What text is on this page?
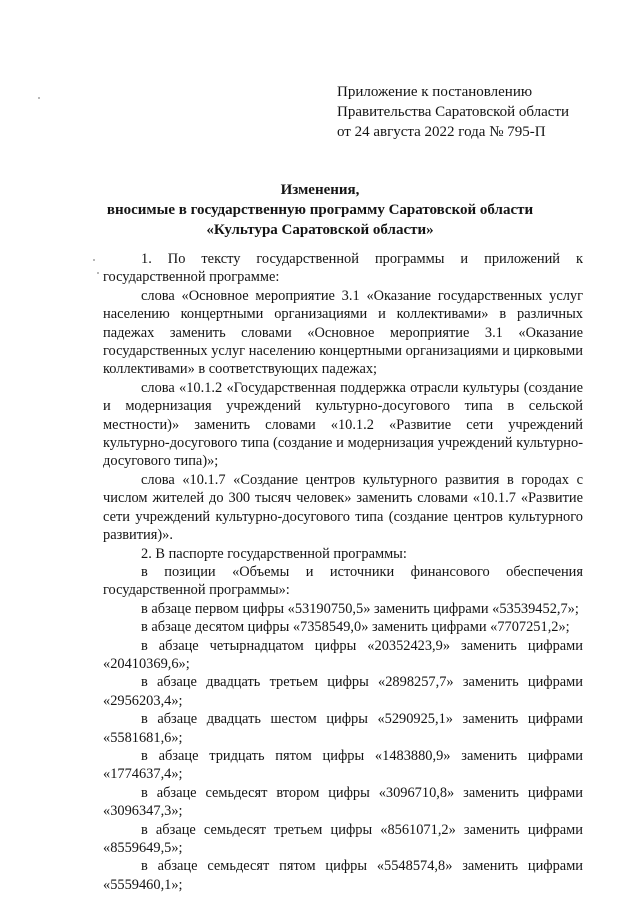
Приложение к постановлению
Правительства Саратовской области
от 24 августа 2022 года № 795-П
Изменения,
вносимые в государственную программу Саратовской области
«Культура Саратовской области»

1. По тексту государственной программы и приложений к государственной программе:

слова «Основное мероприятие 3.1 «Оказание государственных услуг населению концертными организациями и коллективами» в различных падежах заменить словами «Основное мероприятие 3.1 «Оказание государственных услуг населению концертными организациями и цирковыми коллективами» в соответствующих падежах;

слова «10.1.2 «Государственная поддержка отрасли культуры (создание и модернизация учреждений культурно-досугового типа в сельской местности)» заменить словами «10.1.2 «Развитие сети учреждений культурно-досугового типа (создание и модернизация учреждений культурно-досугового типа)»;

слова «10.1.7 «Создание центров культурного развития в городах с числом жителей до 300 тысяч человек» заменить словами «10.1.7 «Развитие сети учреждений культурно-досугового типа (создание центров культурного развития)».

2. В паспорте государственной программы:

в позиции «Объемы и источники финансового обеспечения государственной программы»:

в абзаце первом цифры «53190750,5» заменить цифрами «53539452,7»;

в абзаце десятом цифры «7358549,0» заменить цифрами «7707251,2»;

в абзаце четырнадцатом цифры «20352423,9» заменить цифрами «20410369,6»;

в абзаце двадцать третьем цифры «2898257,7» заменить цифрами «2956203,4»;

в абзаце двадцать шестом цифры «5290925,1» заменить цифрами «5581681,6»;

в абзаце тридцать пятом цифры «1483880,9» заменить цифрами «1774637,4»;

в абзаце семьдесят втором цифры «3096710,8» заменить цифрами «3096347,3»;

в абзаце семьдесят третьем цифры «8561071,2» заменить цифрами «8559649,5»;

в абзаце семьдесят пятом цифры «5548574,8» заменить цифрами «5559460,1»;
